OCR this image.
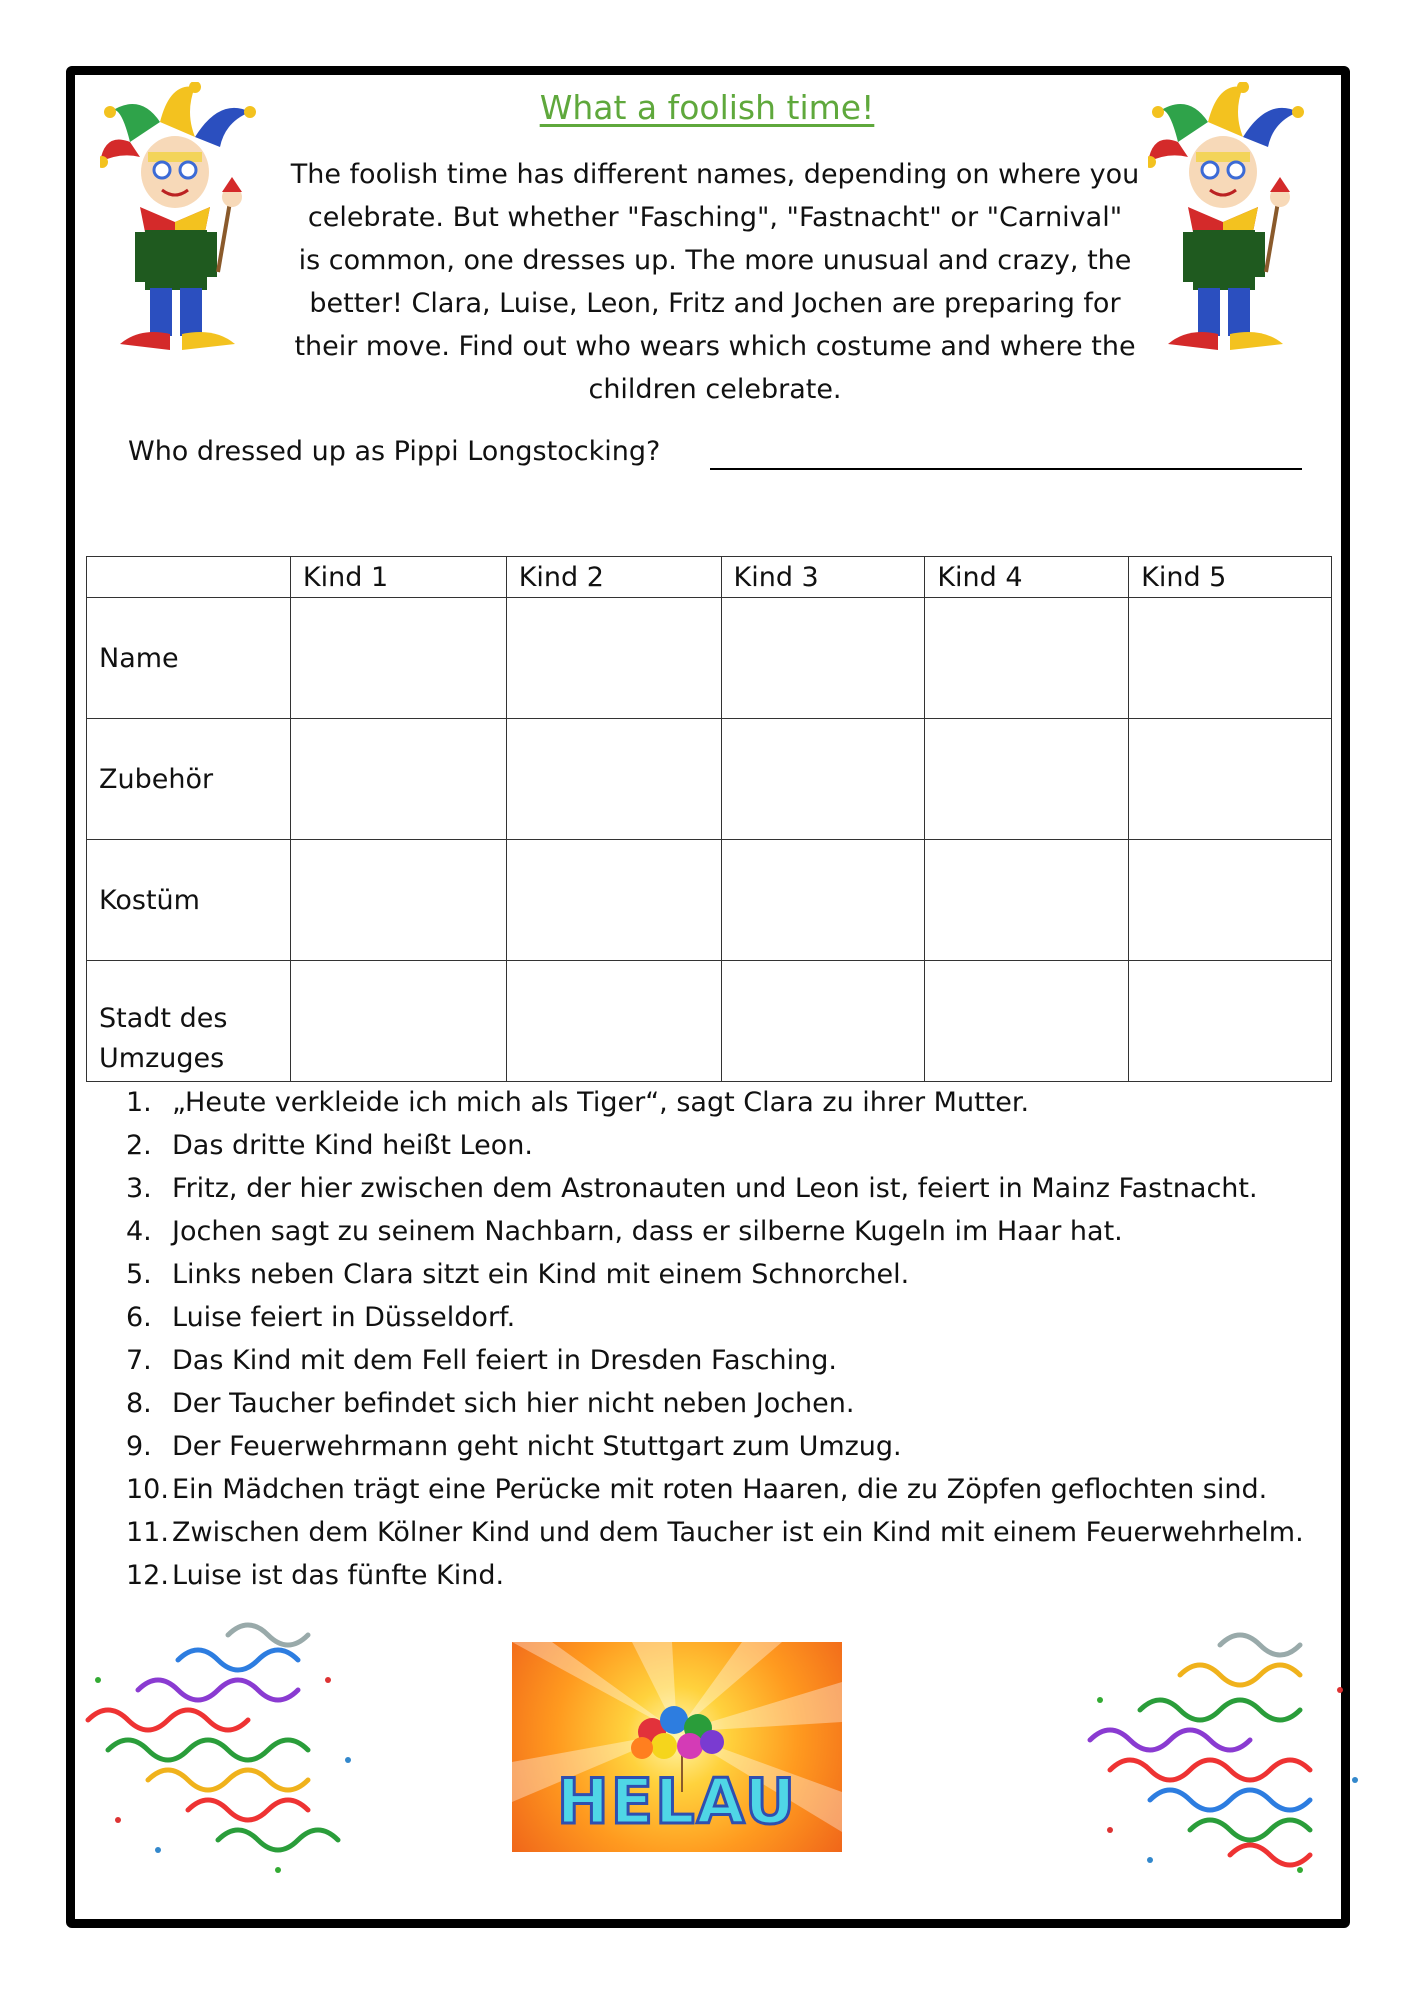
What a foolish time!
The foolish time has different names, depending on where you
celebrate. But whether "Fasching", "Fastnacht" or "Carnival"
is common, one dresses up. The more unusual and crazy, the
better! Clara, Luise, Leon, Fritz and Jochen are preparing for
their move. Find out who wears which costume and where the
children celebrate.
Who dressed up as Pippi Longstocking?
	Kind 1	Kind 2	Kind 3	Kind 4	Kind 5
Name					
Zubehör					
Kostüm					

Stadt des
Umzuges					

1. „Heute verkleide ich mich als Tiger“, sagt Clara zu ihrer Mutter.
2. Das dritte Kind heißt Leon.
3. Fritz, der hier zwischen dem Astronauten und Leon ist, feiert in Mainz Fastnacht.
4. Jochen sagt zu seinem Nachbarn, dass er silberne Kugeln im Haar hat.
5. Links neben Clara sitzt ein Kind mit einem Schnorchel.
6. Luise feiert in Düsseldorf.
7. Das Kind mit dem Fell feiert in Dresden Fasching.
8. Der Taucher befindet sich hier nicht neben Jochen.
9. Der Feuerwehrmann geht nicht Stuttgart zum Umzug.
10. Ein Mädchen trägt eine Perücke mit roten Haaren, die zu Zöpfen geflochten sind.
11. Zwischen dem Kölner Kind und dem Taucher ist ein Kind mit einem Feuerwehrhelm.
12. Luise ist das fünfte Kind.
HELAU
